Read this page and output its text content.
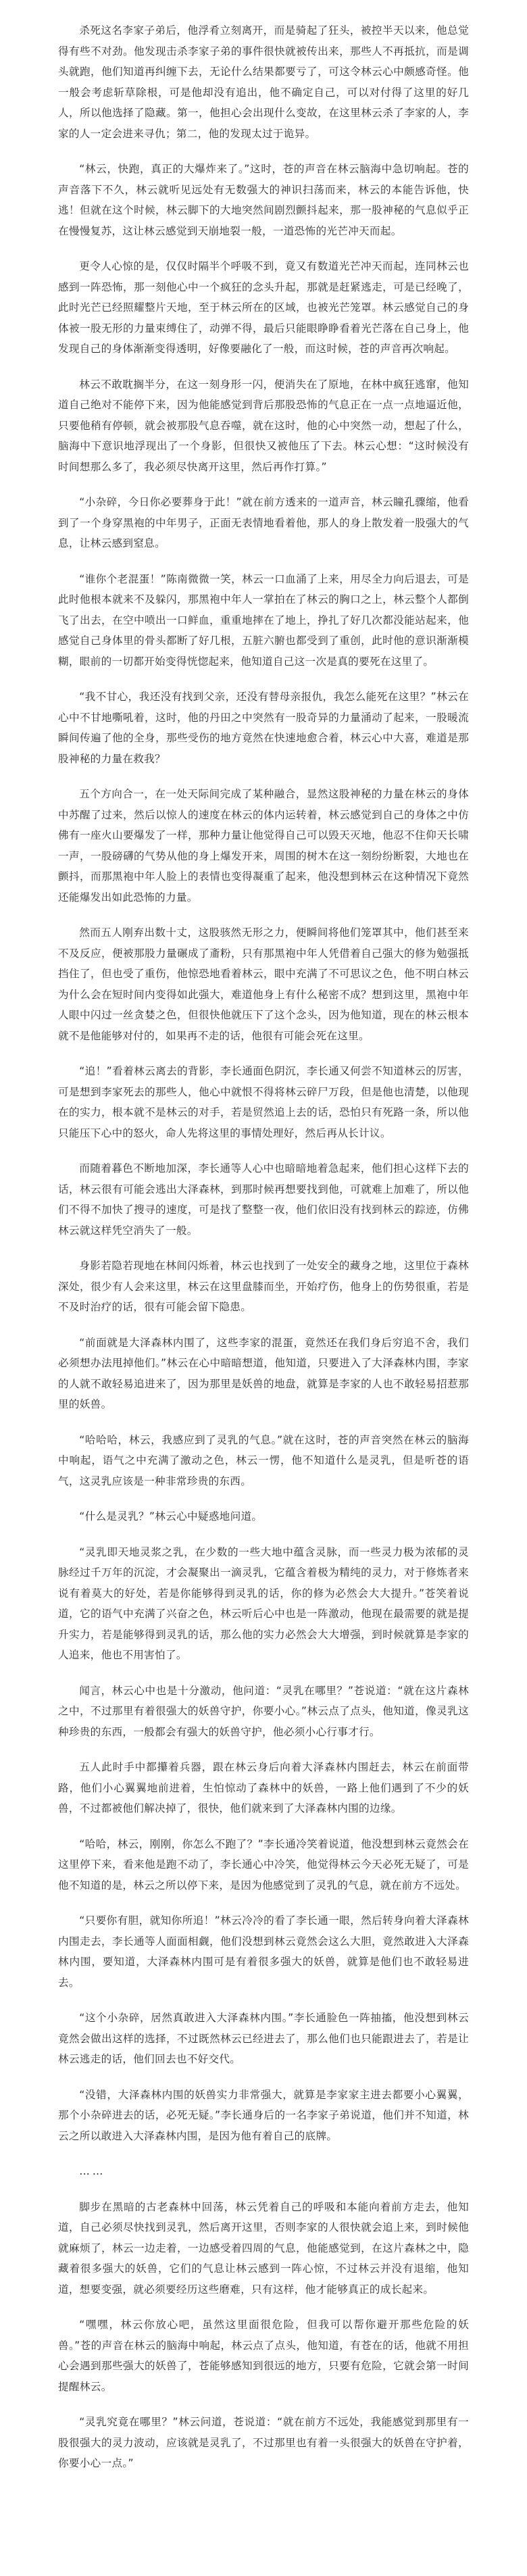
杀死这名李家子弟后，他浮肴立刻离开，而是骑起了狂头，被控半天以来，他总觉得有些不对劲。他发现击杀李家子弟的事件很快就被传出来，那些人不再抵抗，而是调头就跑，他们知道再纠缠下去，无论什么结果都要亏了，可这令林云心中颇感奇怪。他一般会考虑斩草除根，可是他却没有追出，他不确定自己，可以对付得了这里的好几人，所以他选择了隐藏。第一，他担心会出现什么变故，在这里林云杀了李家的人，李家的人一定会进来寻仇；第二，他的发现太过于诡异。

“林云，快跑，真正的大爆炸来了。”这时，苍的声音在林云脑海中急切响起。苍的声音落下不久，林云就听见远处有无数强大的神识扫荡而来，林云的本能告诉他，快逃！但就在这个时候，林云脚下的大地突然间剧烈颤抖起来，那一股神秘的气息似乎正在慢慢复苏，这让林云感觉到天崩地裂一般，一道恐怖的光芒冲天而起。

更令人心惊的是，仅仅时隔半个呼吸不到，竟又有数道光芒冲天而起，连同林云也感到一阵恐怖，那一刻他心中一个疯狂的念头升起，那就是赶紧逃走，可是已经晚了，此时光芒已经照耀整片天地，至于林云所在的区域，也被光芒笼罩。林云感觉自己的身体被一股无形的力量束缚住了，动弹不得，最后只能眼睁睁看着光芒落在自己身上，他发现自己的身体渐渐变得透明，好像要融化了一般，而这时候，苍的声音再次响起。

林云不敢耽搁半分，在这一刻身形一闪，便消失在了原地，在林中疯狂逃窜，他知道自己绝对不能停下来，因为他能感觉到背后那股恐怖的气息正在一点一点地逼近他，只要他稍有停顿，就会被那股气息吞噬，就在这时，他的心中突然一动，想起了什么，脑海中下意识地浮现出了一个身影，但很快又被他压了下去。林云心想：“这时候没有时间想那么多了，我必须尽快离开这里，然后再作打算。”

“小杂碎，今日你必要葬身于此！”就在前方透来的一道声音，林云瞳孔骤缩，他看到了一个身穿黑袍的中年男子，正面无表情地看着他，那人的身上散发着一股强大的气息，让林云感到窒息。

“谁你个老混蛋！”陈南微微一笑，林云一口血涌了上来，用尽全力向后退去，可是此时他根本就来不及躲闪，那黑袍中年人一掌拍在了林云的胸口之上，林云整个人都倒飞了出去，在空中喷出一口鲜血，重重地摔在了地上，挣扎了好几次都没能站起来，他感觉自己身体里的骨头都断了好几根，五脏六腑也都受到了重创，此时他的意识渐渐模糊，眼前的一切都开始变得恍惚起来，他知道自己这一次是真的要死在这里了。

“我不甘心，我还没有找到父亲，还没有替母亲报仇，我怎么能死在这里？”林云在心中不甘地嘶吼着，这时，他的丹田之中突然有一股奇异的力量涌动了起来，一股暖流瞬间传遍了他的全身，那些受伤的地方竟然在快速地愈合着，林云心中大喜，难道是那股神秘的力量在救我？

五个方向合一，在一处天际间完成了某种融合，显然这股神秘的力量在林云的身体中苏醒了过来，然后以惊人的速度在林云的体内运转着，林云感觉到自己的身体之中仿佛有一座火山要爆发了一样，那种力量让他觉得自己可以毁天灭地，他忍不住仰天长啸一声，一股磅礴的气势从他的身上爆发开来，周围的树木在这一刻纷纷断裂，大地也在颤抖，而那黑袍中年人脸上的表情也变得凝重了起来，他没想到林云在这种情况下竟然还能爆发出如此恐怖的力量。

然而五人刚弃出数十丈，这股骇然无形之力，便瞬间将他们笼罩其中，他们甚至来不及反应，便被那股力量碾成了齑粉，只有那黑袍中年人凭借着自己强大的修为勉强抵挡住了，但也受了重伤，他惊恐地看着林云，眼中充满了不可思议之色，他不明白林云为什么会在短时间内变得如此强大，难道他身上有什么秘密不成？想到这里，黑袍中年人眼中闪过一丝贪婪之色，但很快他就压下了这个念头，因为他知道，现在的林云根本就不是他能够对付的，如果再不走的话，他很有可能会死在这里。

“追！”看着林云离去的背影，李长通面色阴沉，李长通又何尝不知道林云的厉害，可是想到李家死去的那些人，他心中就恨不得将林云碎尸万段，但是他也清楚，以他现在的实力，根本就不是林云的对手，若是贸然追上去的话，恐怕只有死路一条，所以他只能压下心中的怒火，命人先将这里的事情处理好，然后再从长计议。

而随着暮色不断地加深，李长通等人心中也暗暗地着急起来，他们担心这样下去的话，林云很有可能会逃出大泽森林，到那时候再想要找到他，可就难上加难了，所以他们不得不加快了搜寻的速度，可是找了整整一夜，他们依旧没有找到林云的踪迹，仿佛林云就这样凭空消失了一般。

身影若隐若现地在林间闪烁着，林云也找到了一处安全的藏身之地，这里位于森林深处，很少有人会来这里，林云在这里盘膝而坐，开始疗伤，他身上的伤势很重，若是不及时治疗的话，很有可能会留下隐患。

“前面就是大泽森林内围了，这些李家的混蛋，竟然还在我们身后穷追不舍，我们必须想办法甩掉他们。”林云在心中暗暗想道，他知道，只要进入了大泽森林内围，李家的人就不敢轻易追进来了，因为那里是妖兽的地盘，就算是李家的人也不敢轻易招惹那里的妖兽。

“哈哈哈，林云，我感应到了灵乳的气息。”就在这时，苍的声音突然在林云的脑海中响起，语气之中充满了激动之色，林云一愣，他不知道什么是灵乳，但是听苍的语气，这灵乳应该是一种非常珍贵的东西。

“什么是灵乳？”林云心中疑惑地问道。

“灵乳即天地灵浆之乳，在少数的一些大地中蕴含灵脉，而一些灵力极为浓郁的灵脉经过千万年的沉淀，才会凝聚出一滴灵乳，它蕴含着极为精纯的灵力，对于修炼者来说有着莫大的好处，若是你能够得到灵乳的话，你的修为必然会大大提升。”苍笑着说道，它的语气中充满了兴奋之色，林云听后心中也是一阵激动，他现在最需要的就是提升实力，若是能够得到灵乳的话，那么他的实力必然会大大增强，到时候就算是李家的人追来，他也不用害怕了。

闻言，林云心中也是十分激动，他问道：“灵乳在哪里？”苍说道：“就在这片森林之中，不过那里有着很强大的妖兽守护，你要小心。”林云点了点头，他知道，像灵乳这种珍贵的东西，一般都会有强大的妖兽守护，他必须小心行事才行。

五人此时手中都攥着兵器，跟在林云身后向着大泽森林内围赶去，林云在前面带路，他们小心翼翼地前进着，生怕惊动了森林中的妖兽，一路上他们遇到了不少的妖兽，不过都被他们解决掉了，很快，他们就来到了大泽森林内围的边缘。

“哈哈，林云，刚刚，你怎么不跑了？”李长通冷笑着说道，他没想到林云竟然会在这里停下来，看来他是跑不动了，李长通心中冷笑，他觉得林云今天必死无疑了，可是他不知道的是，林云之所以停下来，是因为他感觉到了灵乳的气息，就在前方不远处。

“只要你有胆，就知你所追！”林云冷冷的看了李长通一眼，然后转身向着大泽森林内围走去，李长通等人面面相觑，他们没想到林云竟然会这么大胆，竟然敢进入大泽森林内围，要知道，大泽森林内围可是有着很多强大的妖兽，就算是他们也不敢轻易进去。

“这个小杂碎，居然真敢进入大泽森林内围。”李长通脸色一阵抽搐，他没想到林云竟然会做出这样的选择，不过既然林云已经进去了，那么他们也只能跟进去了，若是让林云逃走的话，他们回去也不好交代。

“没错，大泽森林内围的妖兽实力非常强大，就算是李家家主进去都要小心翼翼，那个小杂碎进去的话，必死无疑。”李长通身后的一名李家子弟说道，他们并不知道，林云之所以敢进入大泽森林内围，是因为他有着自己的底牌。

……

脚步在黑暗的古老森林中回荡，林云凭着自己的呼吸和本能向着前方走去，他知道，自己必须尽快找到灵乳，然后离开这里，否则李家的人很快就会追上来，到时候他就麻烦了，林云一边走着，一边感受着四周的气息，他能感觉到，在这片森林之中，隐藏着很多强大的妖兽，它们的气息让林云感到一阵心惊，不过林云并没有退缩，他知道，想要变强，就必须要经历这些磨难，只有这样，他才能够真正的成长起来。

“嘿嘿，林云你放心吧，虽然这里面很危险，但我可以帮你避开那些危险的妖兽。”苍的声音在林云的脑海中响起，林云点了点头，他知道，有苍在的话，他就不用担心会遇到那些强大的妖兽了，苍能够感知到很远的地方，只要有危险，它就会第一时间提醒林云。

“灵乳究竟在哪里？”林云问道，苍说道：“就在前方不远处，我能感觉到那里有一股很强大的灵力波动，应该就是灵乳了，不过那里也有着一头很强大的妖兽在守护着，你要小心一点。”
